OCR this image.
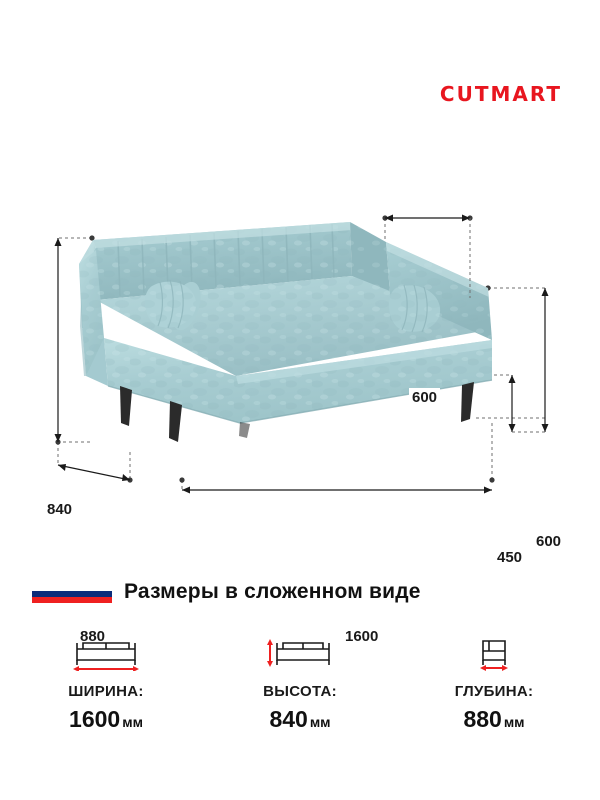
CUTMART
600
840
600
450
880	1600
Размеры в сложенном виде
ШИРИНА:
1600 мм
ВЫСОТА:
840 мм
ГЛУБИНА:
880 мм
